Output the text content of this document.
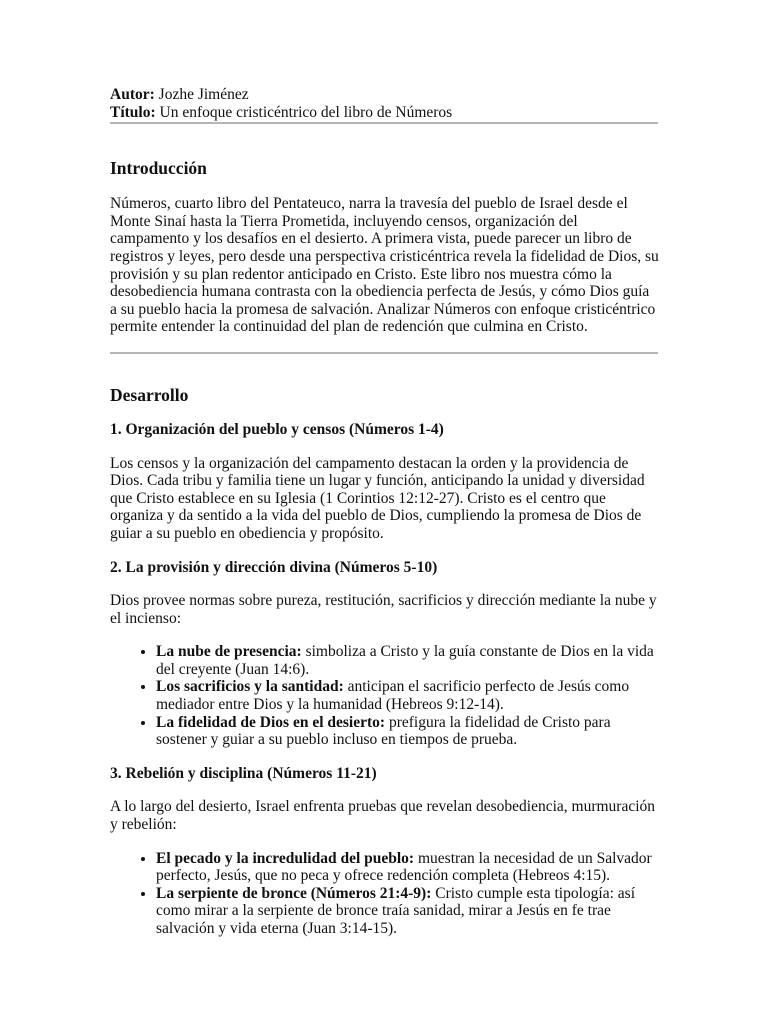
Autor: Jozhe Jiménez
Título: Un enfoque cristicéntrico del libro de Números
Introducción

Números, cuarto libro del Pentateuco, narra la travesía del pueblo de Israel desde el Monte Sinaí hasta la Tierra Prometida, incluyendo censos, organización del campamento y los desafíos en el desierto. A primera vista, puede parecer un libro de registros y leyes, pero desde una perspectiva cristicéntrica revela la fidelidad de Dios, su provisión y su plan redentor anticipado en Cristo. Este libro nos muestra cómo la desobediencia humana contrasta con la obediencia perfecta de Jesús, y cómo Dios guía a su pueblo hacia la promesa de salvación. Analizar Números con enfoque cristicéntrico permite entender la continuidad del plan de redención que culmina en Cristo.

Desarrollo
1. Organización del pueblo y censos (Números 1-4)

Los censos y la organización del campamento destacan la orden y la providencia de Dios. Cada tribu y familia tiene un lugar y función, anticipando la unidad y diversidad que Cristo establece en su Iglesia (1 Corintios 12:12-27). Cristo es el centro que organiza y da sentido a la vida del pueblo de Dios, cumpliendo la promesa de Dios de guiar a su pueblo en obediencia y propósito.

2. La provisión y dirección divina (Números 5-10)

Dios provee normas sobre pureza, restitución, sacrificios y dirección mediante la nube y el incienso:

• La nube de presencia: simboliza a Cristo y la guía constante de Dios en la vida del creyente (Juan 14:6).
• Los sacrificios y la santidad: anticipan el sacrificio perfecto de Jesús como mediador entre Dios y la humanidad (Hebreos 9:12-14).
• La fidelidad de Dios en el desierto: prefigura la fidelidad de Cristo para sostener y guiar a su pueblo incluso en tiempos de prueba.
3. Rebelión y disciplina (Números 11-21)

A lo largo del desierto, Israel enfrenta pruebas que revelan desobediencia, murmuración y rebelión:

• El pecado y la incredulidad del pueblo: muestran la necesidad de un Salvador perfecto, Jesús, que no peca y ofrece redención completa (Hebreos 4:15).
• La serpiente de bronce (Números 21:4-9): Cristo cumple esta tipología: así como mirar a la serpiente de bronce traía sanidad, mirar a Jesús en fe trae salvación y vida eterna (Juan 3:14-15).
